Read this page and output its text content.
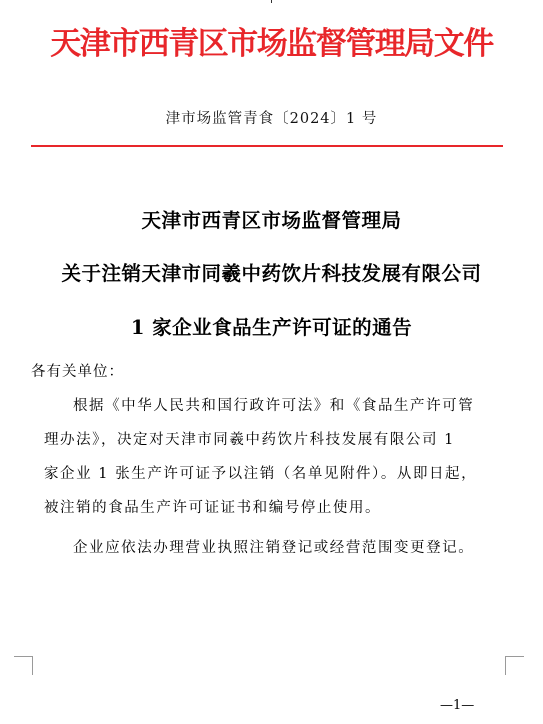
天津市西青区市场监督管理局文件
津市场监管青食〔2024〕1 号
天津市西青区市场监督管理局
关于注销天津市同羲中药饮片科技发展有限公司
1 家企业食品生产许可证的通告
各有关单位：
根据《中华人民共和国行政许可法》和《食品生产许可管
理办法》，决定对天津市同羲中药饮片科技发展有限公司 1
家企业 1 张生产许可证予以注销（名单见附件）。从即日起，
被注销的食品生产许可证证书和编号停止使用。
企业应依法办理营业执照注销登记或经营范围变更登记。
—1—
